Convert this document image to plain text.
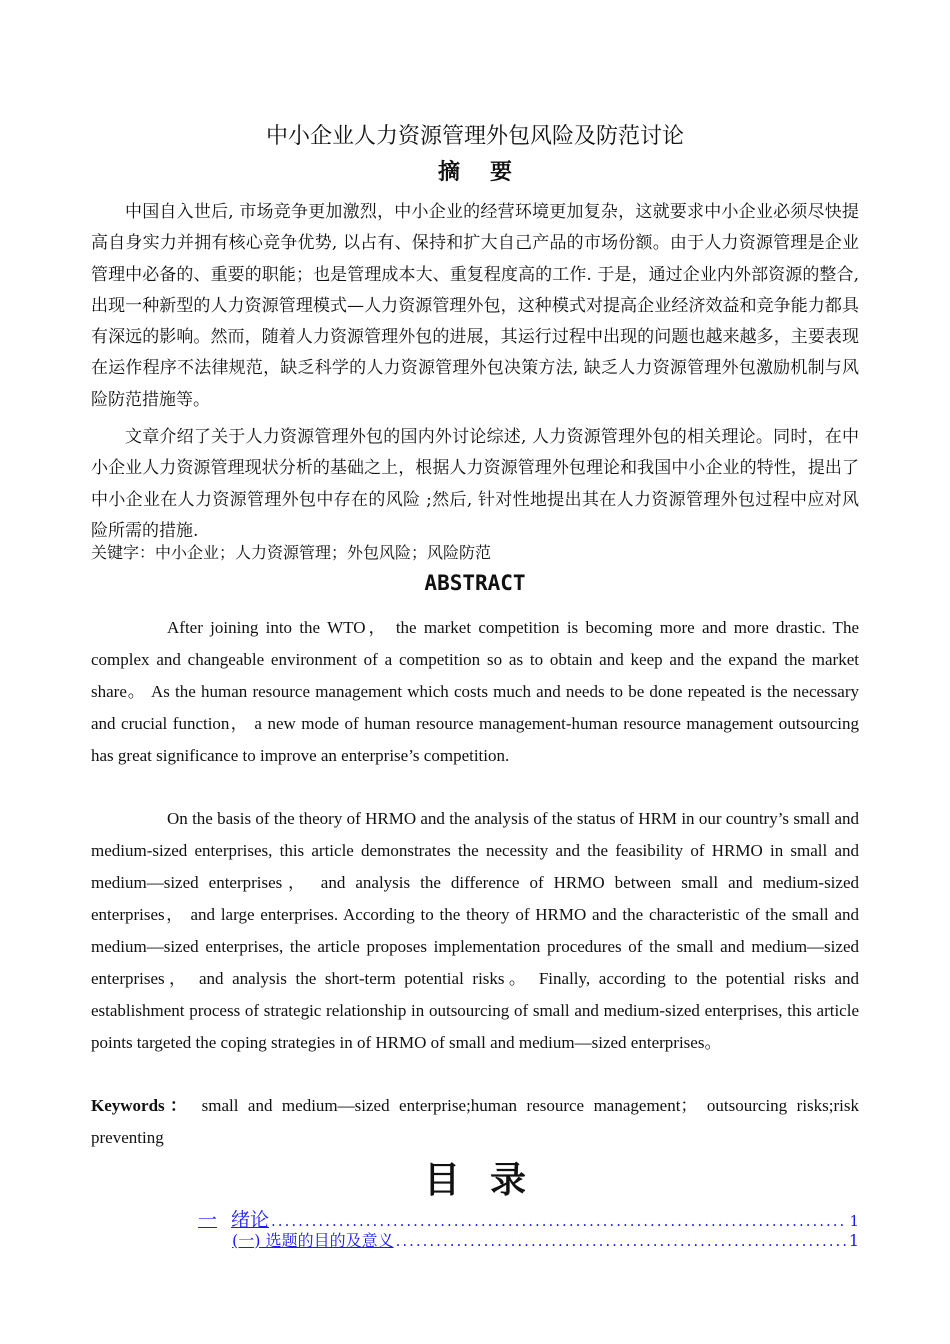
中小企业人力资源管理外包风险及防范讨论
摘要

中国自入世后, 市场竞争更加激烈，中小企业的经营环境更加复杂，这就要求中小企业必须尽快提高自身实力并拥有核心竞争优势, 以占有、保持和扩大自己产品的市场份额。由于人力资源管理是企业管理中必备的、重要的职能；也是管理成本大、重复程度高的工作. 于是，通过企业内外部资源的整合, 出现一种新型的人力资源管理模式—人力资源管理外包，这种模式对提高企业经济效益和竞争能力都具有深远的影响。然而，随着人力资源管理外包的进展，其运行过程中出现的问题也越来越多，主要表现在运作程序不法律规范，缺乏科学的人力资源管理外包决策方法, 缺乏人力资源管理外包激励机制与风险防范措施等。

文章介绍了关于人力资源管理外包的国内外讨论综述, 人力资源管理外包的相关理论。同时，在中小企业人力资源管理现状分析的基础之上，根据人力资源管理外包理论和我国中小企业的特性，提出了中小企业在人力资源管理外包中存在的风险 ;然后, 针对性地提出其在人力资源管理外包过程中应对风险所需的措施.

关键字：中小企业；人力资源管理；外包风险；风险防范

ABSTRACT

After joining into the WTO， the market competition is becoming more and more drastic. The complex and changeable environment of a competition so as to obtain and keep and the expand the market share。 As the human resource management which costs much and needs to be done repeated is the necessary and crucial function， a new mode of human resource management-human resource management outsourcing has great significance to improve an enterprise’s competition.

On the basis of the theory of HRMO and the analysis of the status of HRM in our country’s small and medium-sized enterprises, this article demonstrates the necessity and the feasibility of HRMO in small and medium—sized enterprises， and analysis the difference of HRMO between small and medium-sized enterprises， and large enterprises. According to the theory of HRMO and the characteristic of the small and medium—sized enterprises, the article proposes implementation procedures of the small and medium—sized enterprises， and analysis the short-term potential risks。 Finally, according to the potential risks and establishment process of strategic relationship in outsourcing of small and medium-sized enterprises, this article points targeted the coping strategies in of HRMO of small and medium—sized enterprises。

Keywords： small and medium—sized enterprise;human resource management； outsourcing risks;risk preventing

目录
一 绪论 .....	1
(一) 选题的目的及意义 .....	1
